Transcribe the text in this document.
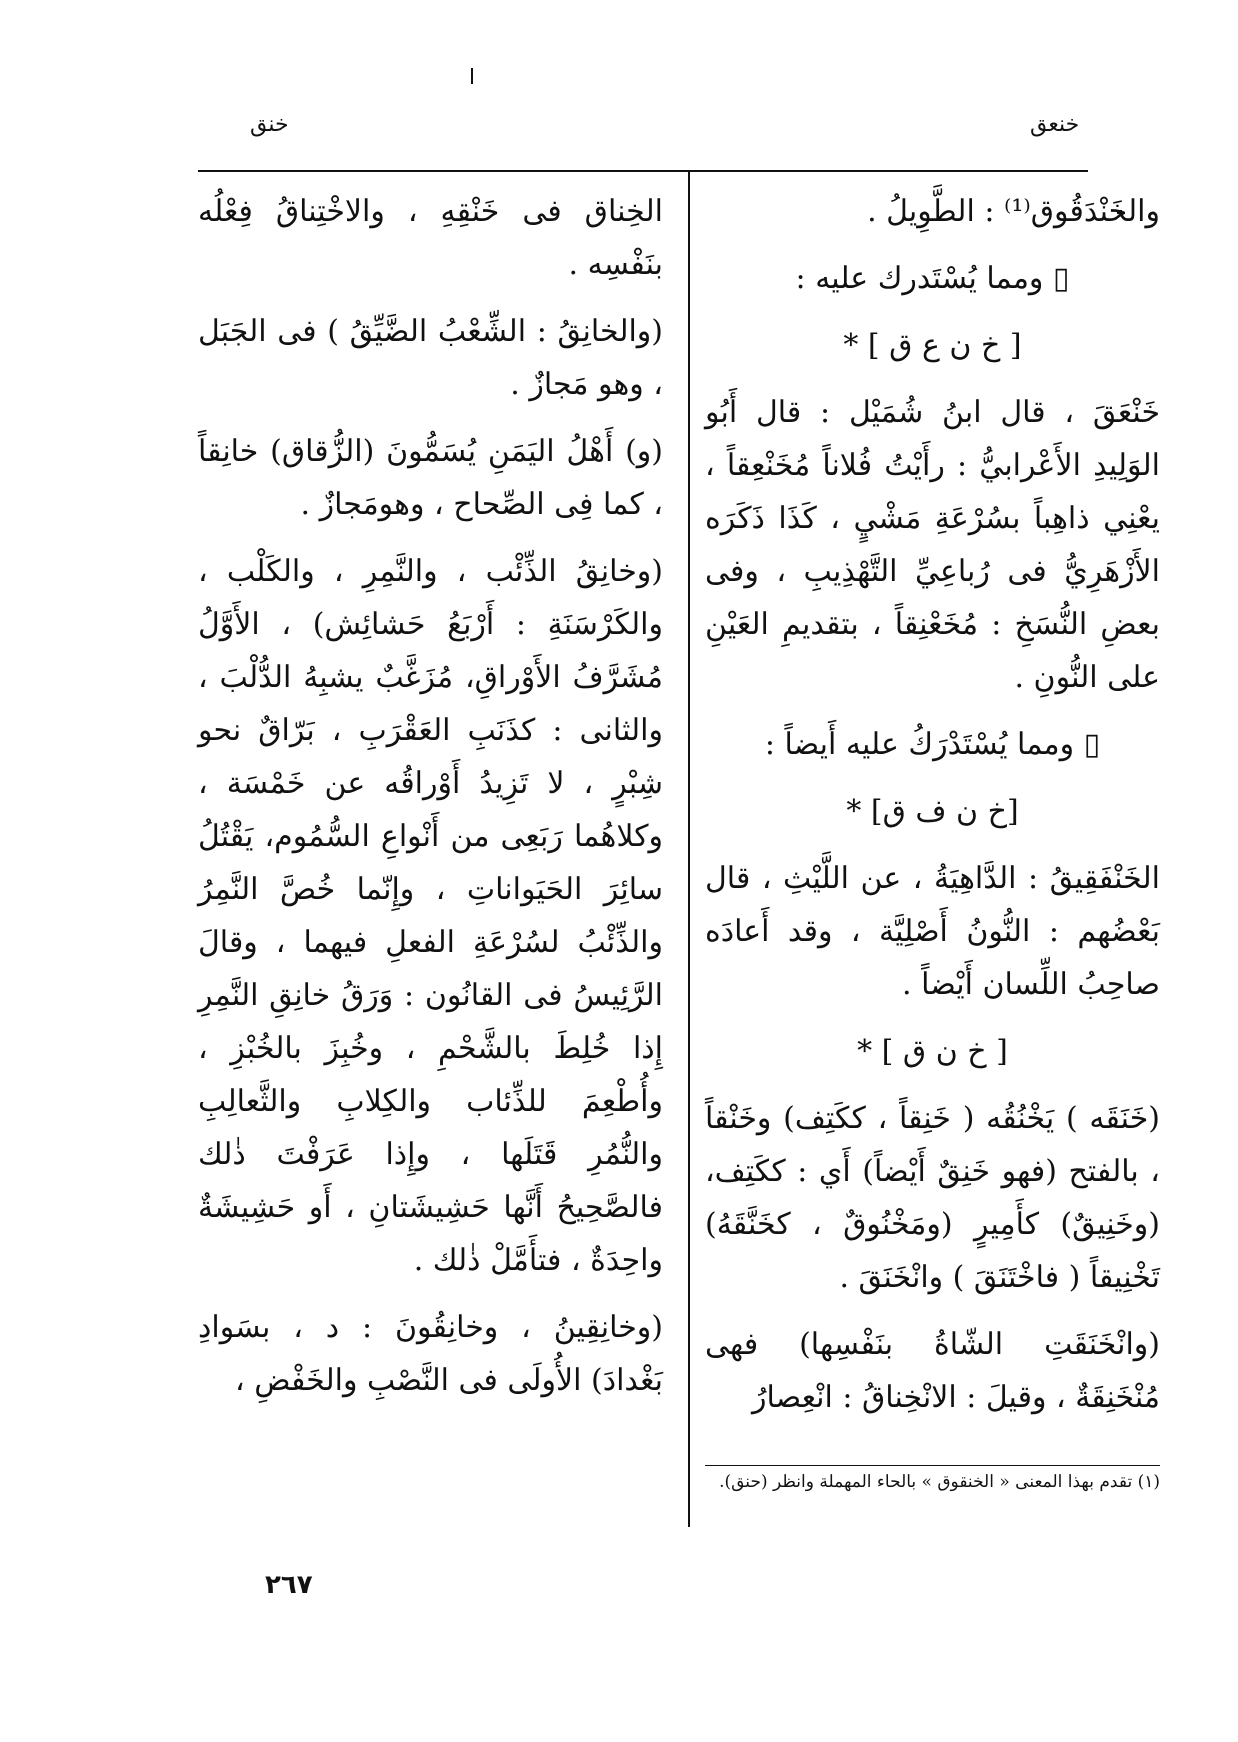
خنعق
خنق

والخَنْدَقُوق⁽¹⁾ : الطَّوِيلُ .

▯ ومما يُسْتَدرك عليه :

[ خ ن ع ق ] *

خَنْعَقَ ، قال ابنُ شُمَيْل : قال أَبُو الوَلِيدِ الأَعْرابيُّ : رأَيْتُ فُلاناً مُخَنْعِقاً ، يعْنِي ذاهِباً بسُرْعَةِ مَشْيٍ ، كَذَا ذَكَرَه الأَزْهَرِيُّ فى رُباعِيِّ التَّهْذِيبِ ، وفى بعضِ النُّسَخِ : مُخَعْنِقاً ، بتقديمِ العَيْنِ على النُّونِ .

▯ ومما يُسْتَدْرَكُ عليه أَيضاً :

[خ ن ف ق] *

الخَنْفَقِيقُ : الدَّاهِيَةُ ، عن اللَّيْثِ ، قال بَعْضُهم : النُّونُ أَصْلِيَّة ، وقد أَعادَه صاحِبُ اللِّسان أَيْضاً .

[ خ ن ق ] *

(خَنَقَه ) يَخْنُقُه ( خَنِقاً ، ككَتِف) وخَنْقاً ، بالفتح (فهو خَنِقٌ أَيْضاً) أَي : ككَتِف، (وخَنِيقٌ) كأَمِيرٍ (ومَخْنُوقٌ ، كخَنَّقَهُ) تَخْنِيقاً ( فاخْتَنَقَ ) وانْخَنَقَ .

(وانْخَنَقَتِ الشّاةُ بنَفْسِها) فهى مُنْخَنِقَةٌ ، وقيلَ : الانْخِناقُ : انْعِصارُ

الخِناق فى خَنْقِهِ ، والاخْتِناقُ فِعْلُه بنَفْسِه .

(والخانِقُ : الشِّعْبُ الضَّيِّقُ ) فى الجَبَل ، وهو مَجازٌ .

(و) أَهْلُ اليَمَنِ يُسَمُّونَ (الزُّقاق) خانِقاً ، كما فِى الصِّحاح ، وهومَجازٌ .

(وخانِقُ الذِّئْب ، والنَّمِرِ ، والكَلْب ، والكَرْسَنَةِ : أَرْبَعُ حَشائِش) ، الأَوَّلُ مُشَرَّفُ الأَوْراقِ، مُزَغَّبٌ يشبِهُ الدُّلْبَ ، والثانى : كذَنَبِ العَقْرَبِ ، بَرّاقٌ نحو شِبْرٍ ، لا تَزِيدُ أَوْراقُه عن خَمْسَة ، وكلاهُما رَبَعِى من أَنْواعِ السُّمُوم، يَقْتُلُ سائِرَ الحَيَواناتِ ، وإِنّما خُصَّ النَّمِرُ والذِّئْبُ لسُرْعَةِ الفعلِ فيهما ، وقالَ الرَّئِيسُ فى القانُون : وَرَقُ خانِقِ النَّمِرِ إِذا خُلِطَ بالشَّحْمِ ، وخُبِزَ بالخُبْزِ ، وأُطْعِمَ للذِّئاب والكِلابِ والثَّعالِبِ والنُّمُرِ قَتَلَها ، وإِذا عَرَفْتَ ذٰلك فالصَّحِيحُ أَنَّها حَشِيشَتانِ ، أَو حَشِيشَةٌ واحِدَةٌ ، فتأَمَّلْ ذٰلك .

(وخانِقِينُ ، وخانِقُونَ : د ، بسَوادِ بَغْدادَ) الأُولَى فى النَّصْبِ والخَفْضِ ،

(١) تقدم بهذا المعنى « الخنقوق » بالحاء المهملة وانظر (حنق).
٢٦٧
